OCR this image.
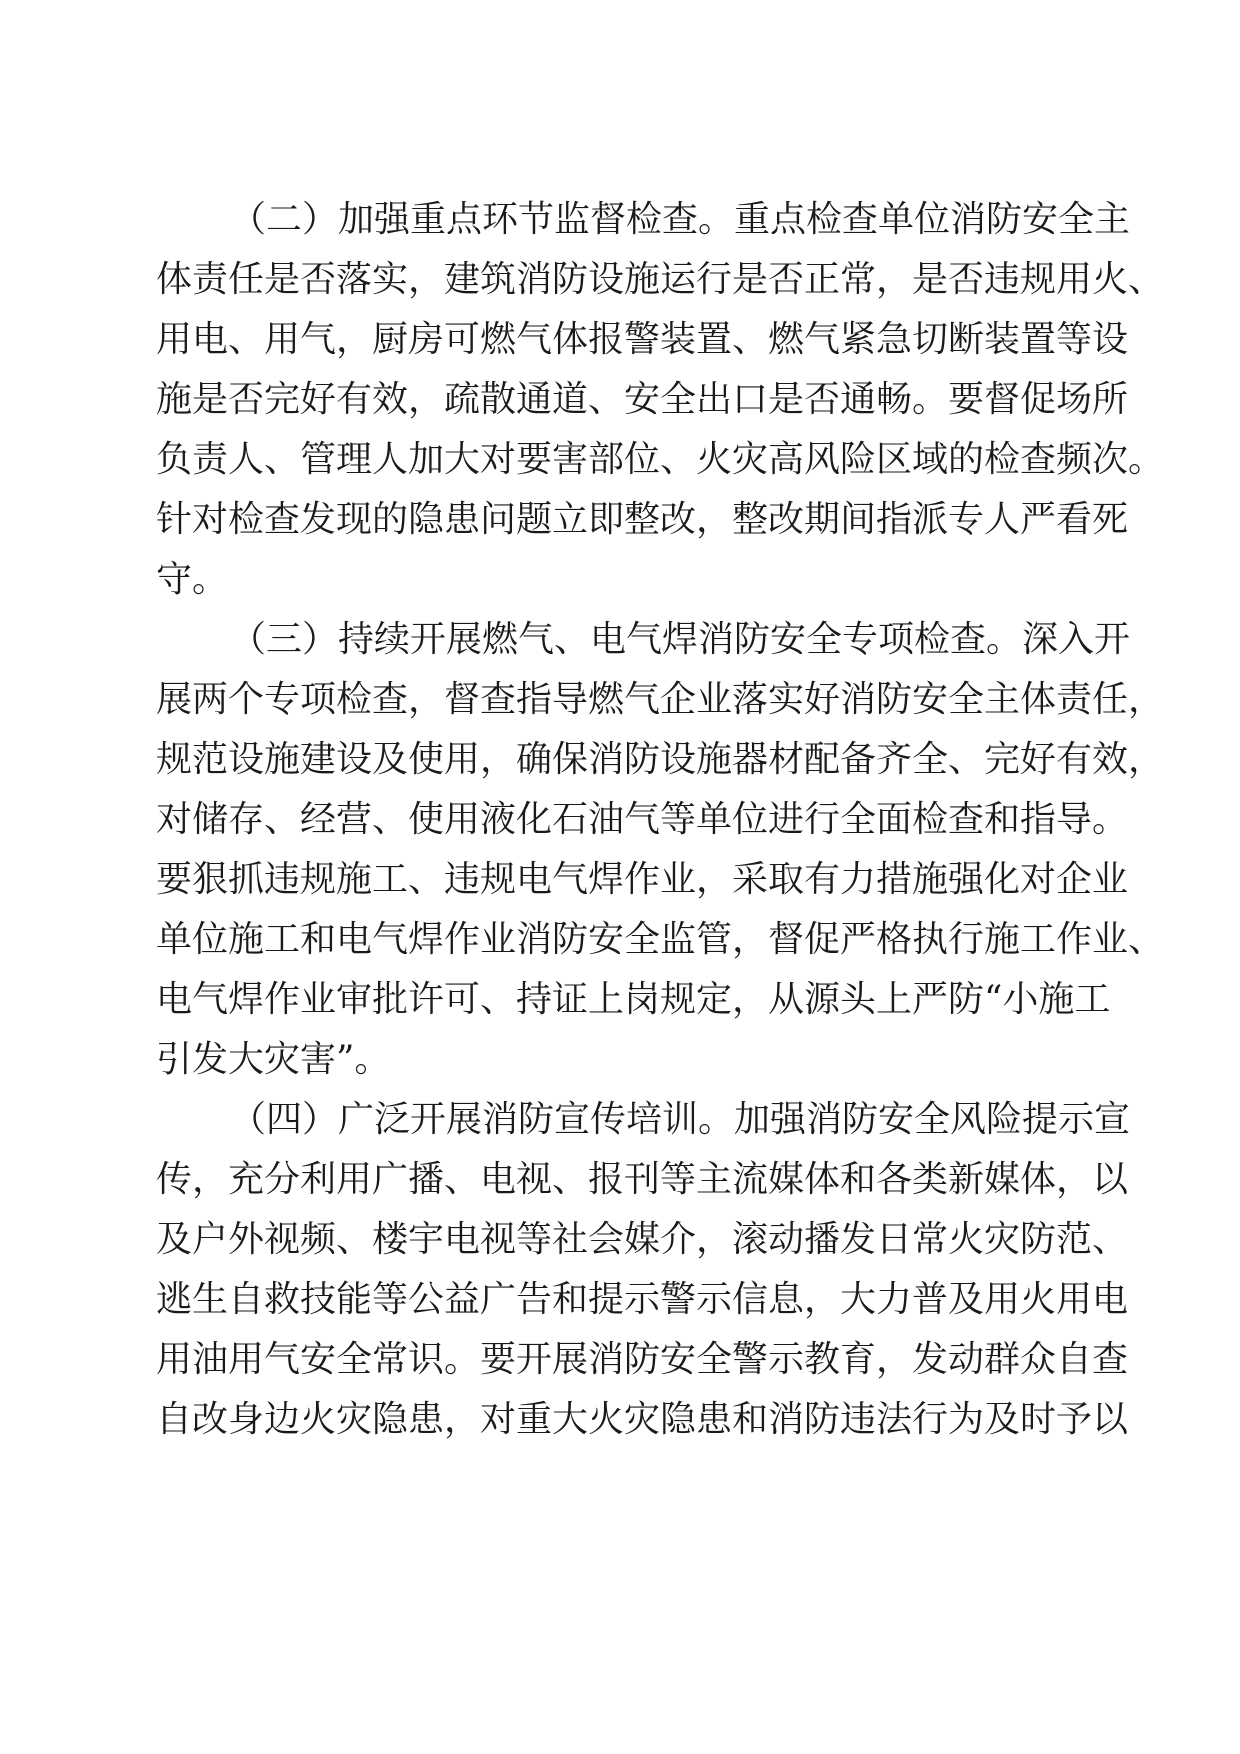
（二）加强重点环节监督检查。重点检查单位消防安全主
体责任是否落实，建筑消防设施运行是否正常，是否违规用火、
用电、用气，厨房可燃气体报警装置、燃气紧急切断装置等设
施是否完好有效，疏散通道、安全出口是否通畅。要督促场所
负责人、管理人加大对要害部位、火灾高风险区域的检查频次。
针对检查发现的隐患问题立即整改，整改期间指派专人严看死
守。
（三）持续开展燃气、电气焊消防安全专项检查。深入开
展两个专项检查，督查指导燃气企业落实好消防安全主体责任，
规范设施建设及使用，确保消防设施器材配备齐全、完好有效，
对储存、经营、使用液化石油气等单位进行全面检查和指导。
要狠抓违规施工、违规电气焊作业，采取有力措施强化对企业
单位施工和电气焊作业消防安全监管，督促严格执行施工作业、
电气焊作业审批许可、持证上岗规定，从源头上严防“小施工
引发大灾害”。
（四）广泛开展消防宣传培训。加强消防安全风险提示宣
传，充分利用广播、电视、报刊等主流媒体和各类新媒体，以
及户外视频、楼宇电视等社会媒介，滚动播发日常火灾防范、
逃生自救技能等公益广告和提示警示信息，大力普及用火用电
用油用气安全常识。要开展消防安全警示教育，发动群众自查
自改身边火灾隐患，对重大火灾隐患和消防违法行为及时予以
